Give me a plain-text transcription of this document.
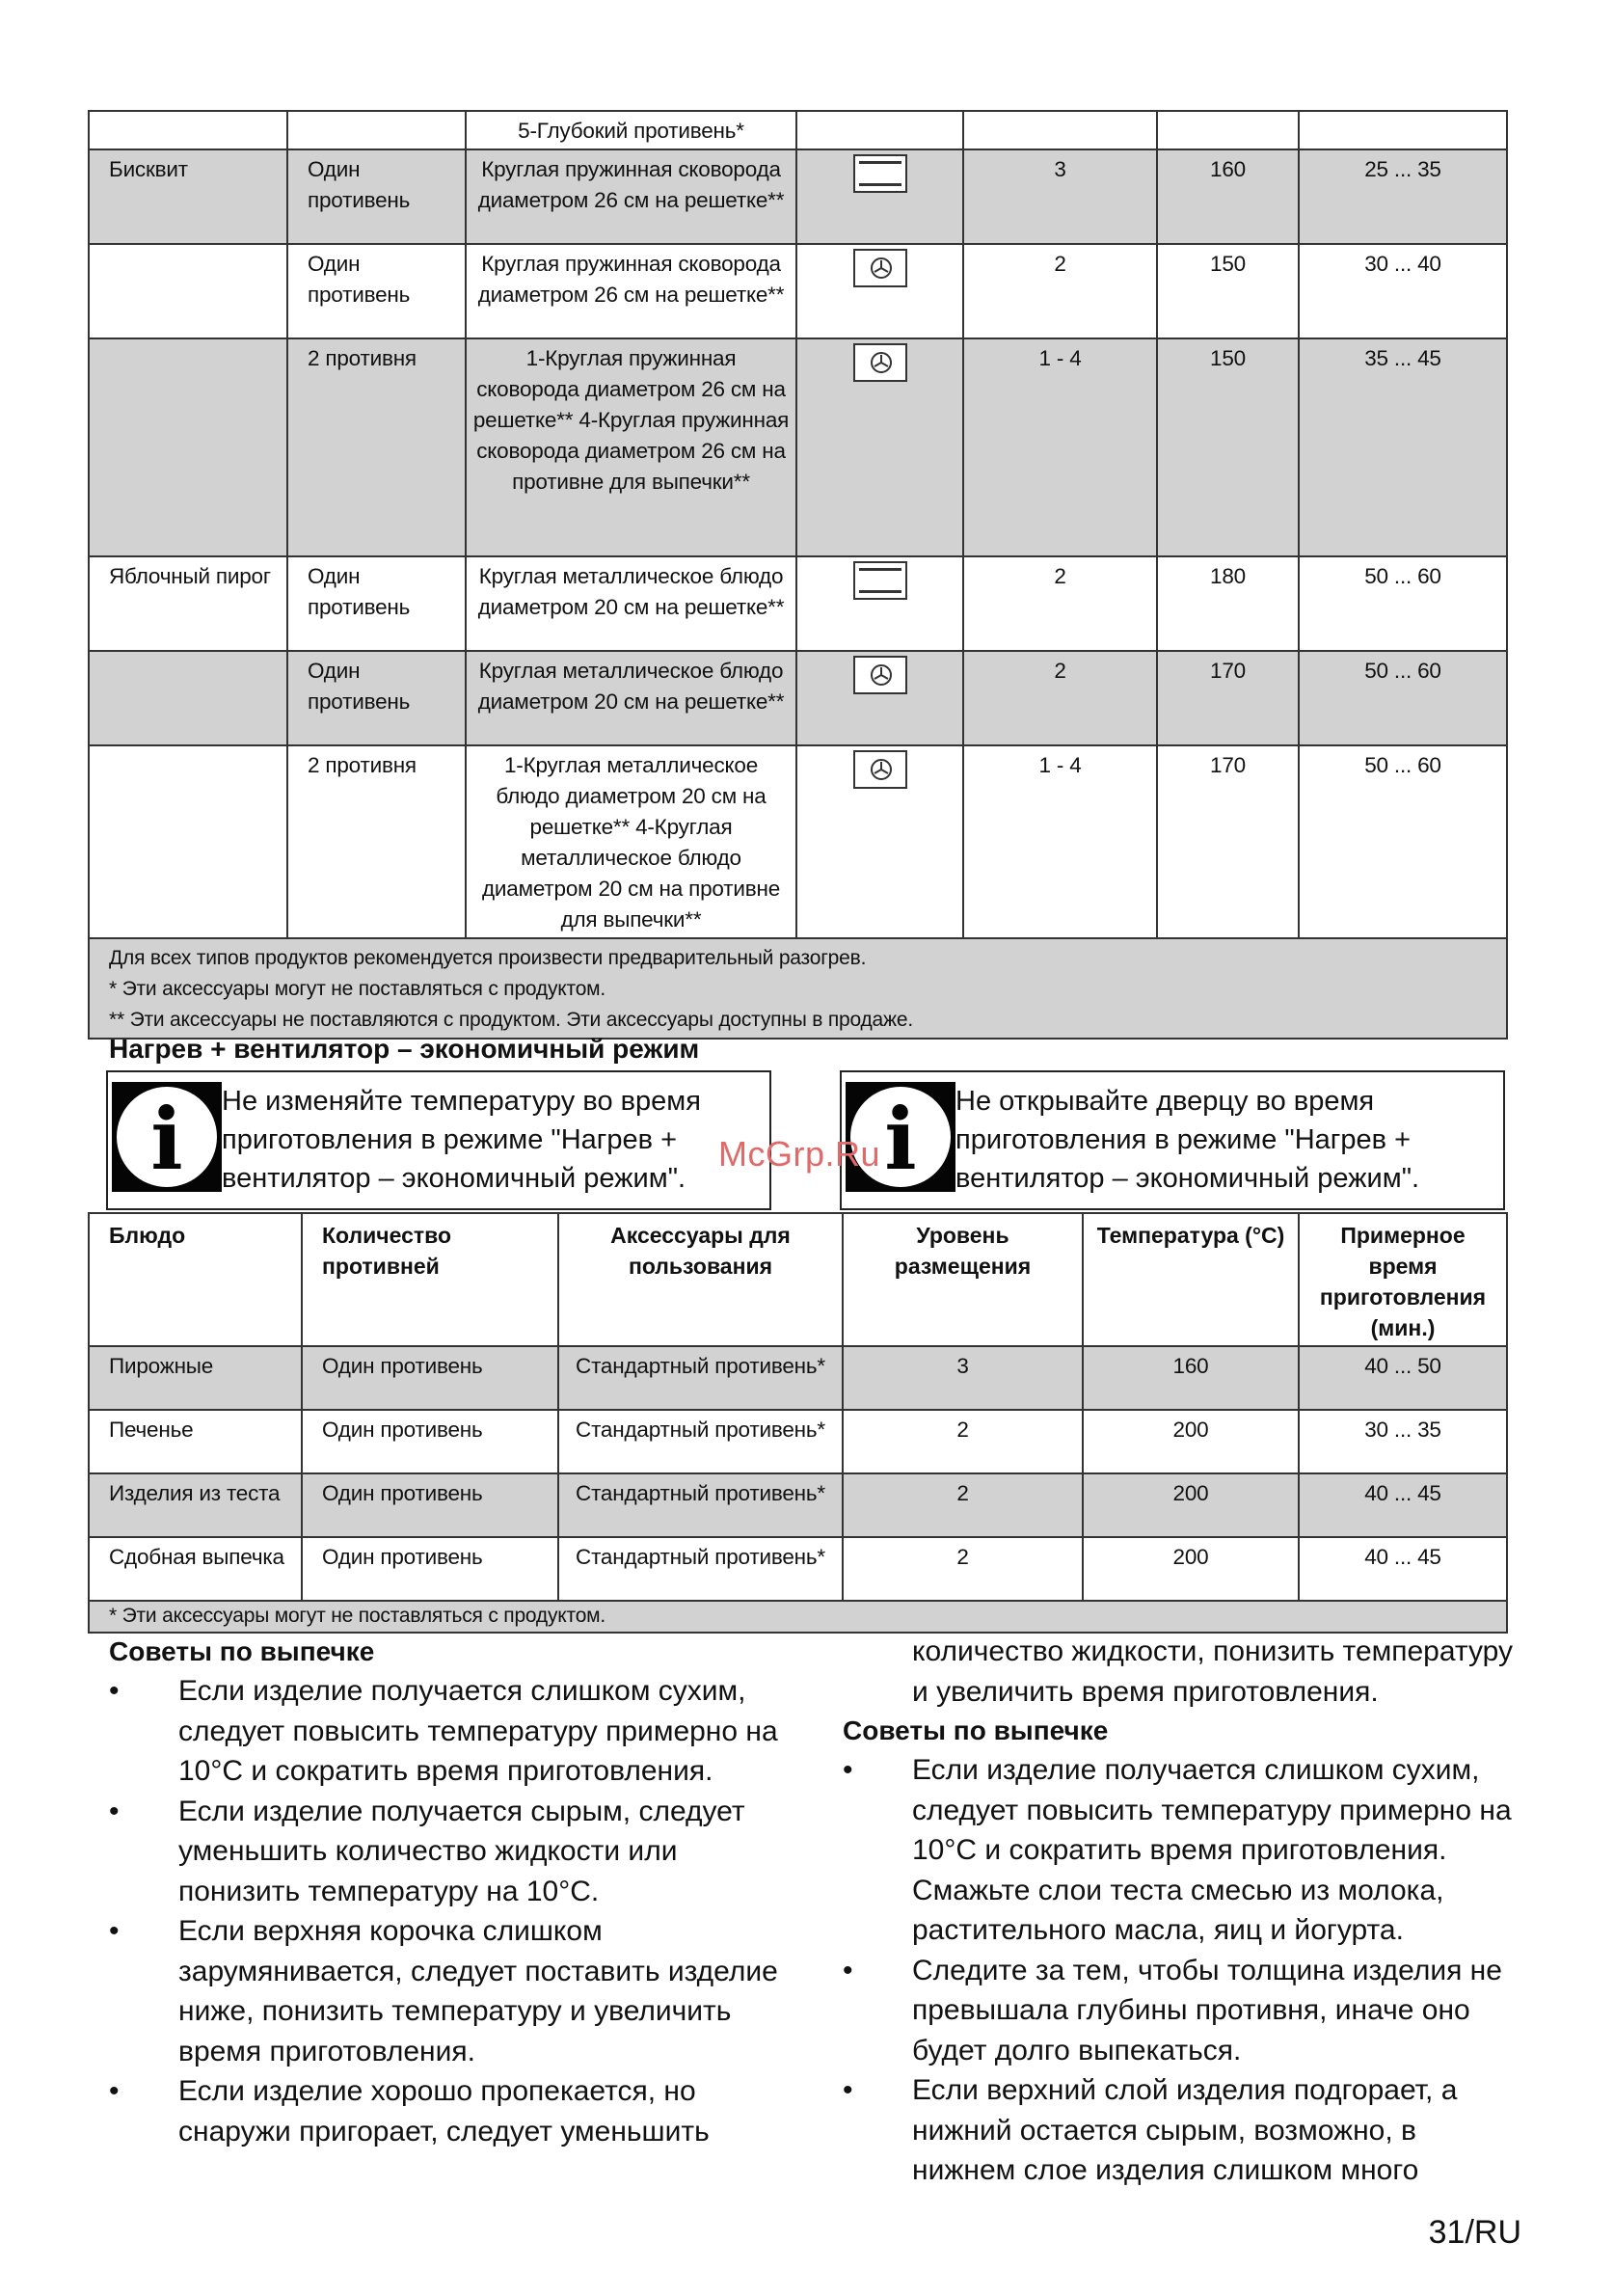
		5-Глубокий противень*				
Бисквит	Один противень	Круглая пружинная сковорода диаметром 26 см на решетке**		3	160	25 ... 35
	Один противень	Круглая пружинная сковорода диаметром 26 см на решетке**		2	150	30 ... 40
	2 противня	1-Круглая пружинная сковорода диаметром 26 см на решетке** 4-Круглая пружинная сковорода диаметром 26 см на противне для выпечки**		1 - 4	150	35 ... 45
Яблочный пирог	Один противень	Круглая металлическое блюдо диаметром 20 см на решетке**		2	180	50 ... 60
	Один противень	Круглая металлическое блюдо диаметром 20 см на решетке**		2	170	50 ... 60
	2 противня	1-Круглая металлическое блюдо диаметром 20 см на решетке** 4-Круглая металлическое блюдо диаметром 20 см на противне для выпечки**		1 - 4	170	50 ... 60

Для всех типов продуктов рекомендуется произвести предварительный разогрев.
* Эти аксессуары могут не поставляться с продуктом.
** Эти аксессуары не поставляются с продуктом. Эти аксессуары доступны в продаже.						
Нагрев + вентилятор – экономичный режим
i Не изменяйте температуру во время приготовления в режиме "Нагрев + вентилятор – экономичный режим".	i Не открывайте дверцу во время приготовления в режиме "Нагрев + вентилятор – экономичный режим".
McGrp.Ru
Блюдо	Количество противней	Аксессуары для пользования	Уровень размещения	Температура (°C)	Примерное время приготовления (мин.)
Пирожные	Один противень	Стандартный противень*	3	160	40 ... 50
Печенье	Один противень	Стандартный противень*	2	200	30 ... 35
Изделия из теста	Один противень	Стандартный противень*	2	200	40 ... 45
Сдобная выпечка	Один противень	Стандартный противень*	2	200	40 ... 45
* Эти аксессуары могут не поставляться с продуктом.					
Советы по выпечке
• Если изделие получается слишком сухим, следует повысить температуру примерно на 10°C и сократить время приготовления.
• Если изделие получается сырым, следует уменьшить количество жидкости или понизить температуру на 10°C.
• Если верхняя корочка слишком зарумянивается, следует поставить изделие ниже, понизить температуру и увеличить время приготовления.
• Если изделие хорошо пропекается, но снаружи пригорает, следует уменьшить
количество жидкости, понизить температуру и увеличить время приготовления.
Советы по выпечке
• Если изделие получается слишком сухим, следует повысить температуру примерно на 10°C и сократить время приготовления. Смажьте слои теста смесью из молока, растительного масла, яиц и йогурта.
• Следите за тем, чтобы толщина изделия не превышала глубины противня, иначе оно будет долго выпекаться.
• Если верхний слой изделия подгорает, а нижний остается сырым, возможно, в нижнем слое изделия слишком много
31/RU
